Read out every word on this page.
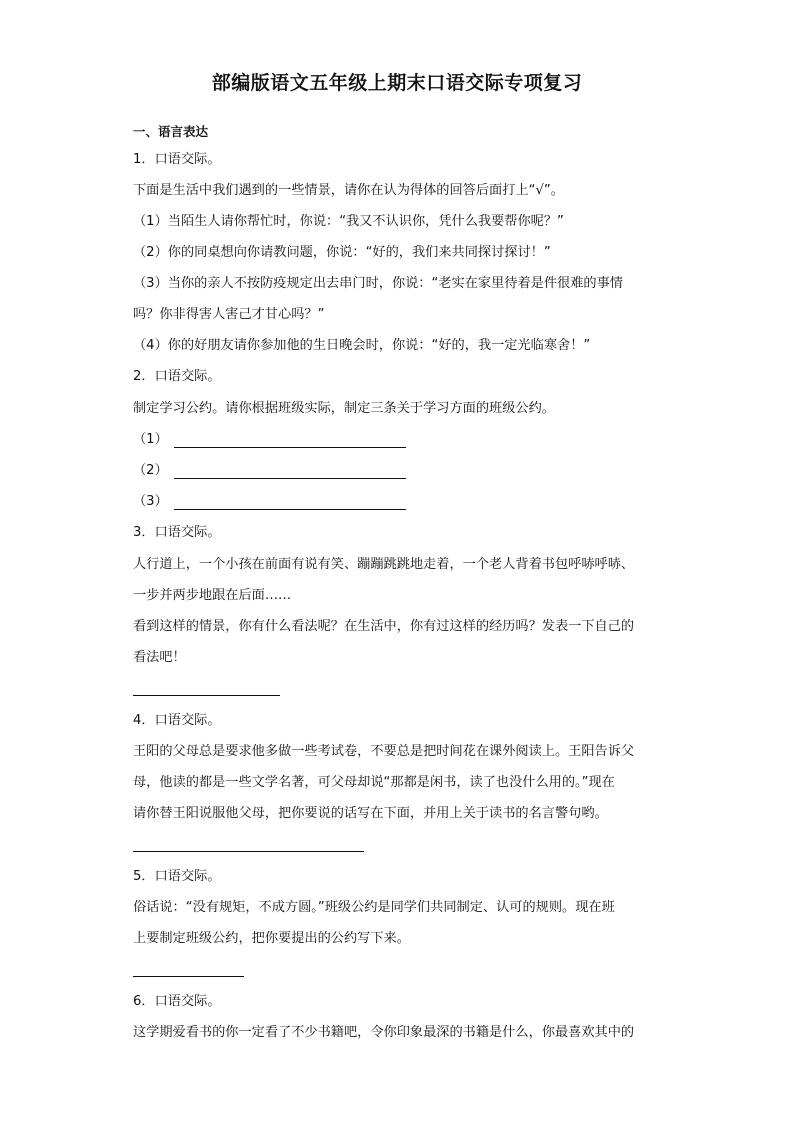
部编版语文五年级上期末口语交际专项复习
一、语言表达
1．口语交际。
下面是生活中我们遇到的一些情景，请你在认为得体的回答后面打上“√”。
（1）当陌生人请你帮忙时，你说：“我又不认识你，凭什么我要帮你呢？”
（2）你的同桌想向你请教问题，你说：“好的，我们来共同探讨探讨！”
（3）当你的亲人不按防疫规定出去串门时，你说：“老实在家里待着是件很难的事情
吗？你非得害人害己才甘心吗？”
（4）你的好朋友请你参加他的生日晚会时，你说：“好的，我一定光临寒舍！”
2．口语交际。
制定学习公约。请你根据班级实际，制定三条关于学习方面的班级公约。
（1）
（2）
（3）
3．口语交际。
人行道上，一个小孩在前面有说有笑、蹦蹦跳跳地走着，一个老人背着书包呼哧呼哧、
一步并两步地跟在后面……
看到这样的情景，你有什么看法呢？在生活中，你有过这样的经历吗？发表一下自己的
看法吧！
4．口语交际。
王阳的父母总是要求他多做一些考试卷，不要总是把时间花在课外阅读上。王阳告诉父
母，他读的都是一些文学名著，可父母却说“那都是闲书，读了也没什么用的。”现在
请你替王阳说服他父母，把你要说的话写在下面，并用上关于读书的名言警句哟。
5．口语交际。
俗话说：“没有规矩，不成方圆。”班级公约是同学们共同制定、认可的规则。现在班
上要制定班级公约，把你要提出的公约写下来。
6．口语交际。
这学期爱看书的你一定看了不少书籍吧，令你印象最深的书籍是什么，你最喜欢其中的
